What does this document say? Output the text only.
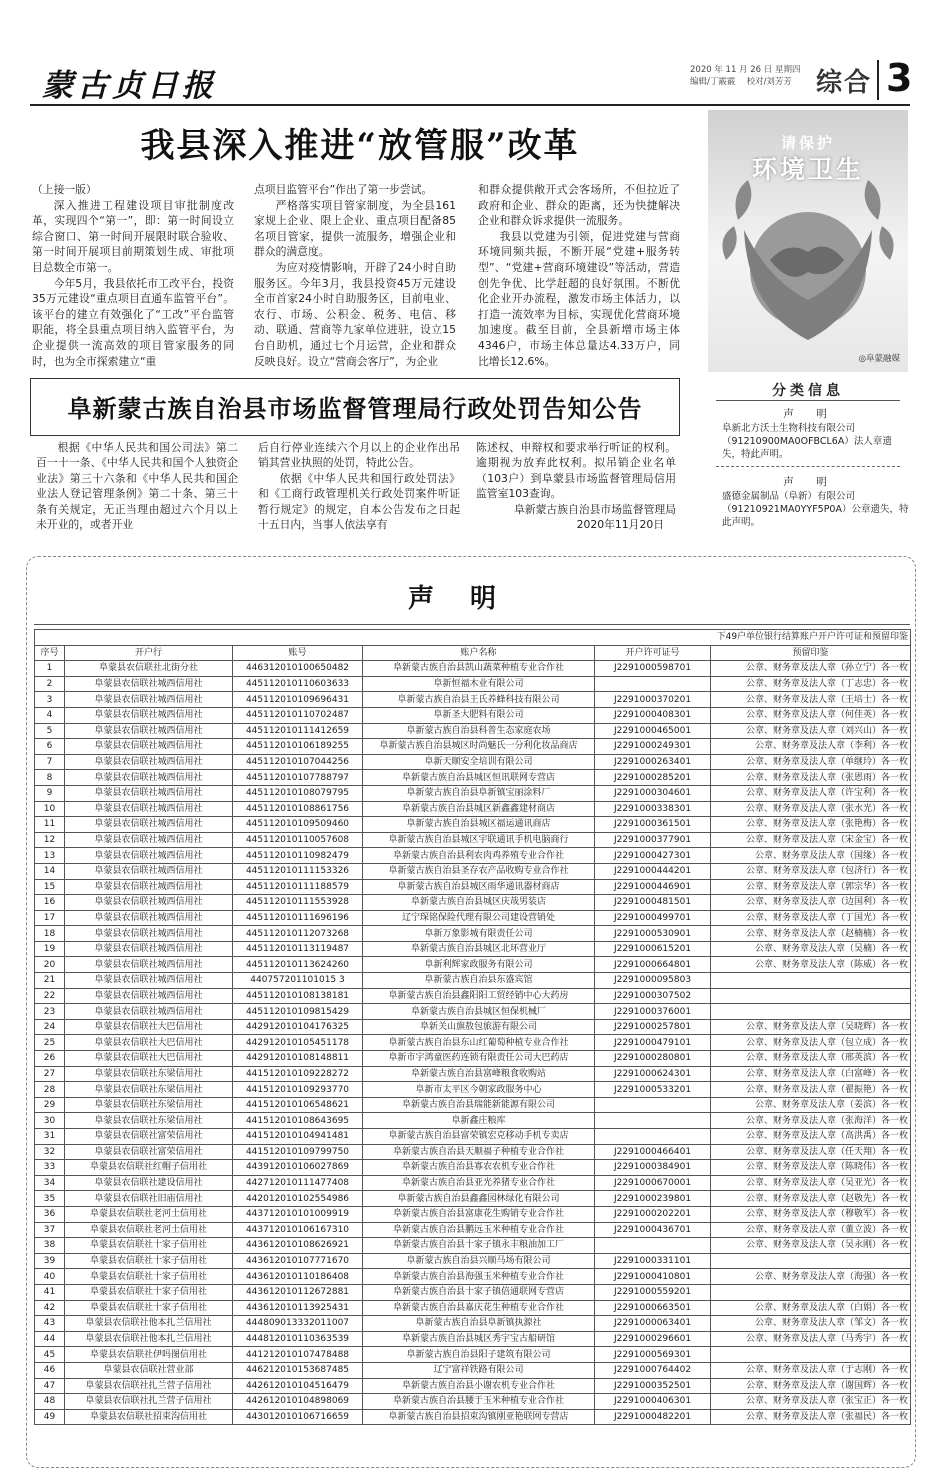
蒙古贞日报	2020 年 11 月 26 日 星期四
编辑/丁霰霰　 校对/刘芳芳 综合 3
我县深入推进“放管服”改革

（上接一版）

深入推进工程建设项目审批制度改革，实现四个“第一”，即：第一时间设立综合窗口、第一时间开展限时联合验收、第一时间开展项目前期策划生成、审批项目总数全市第一。

今年5月，我县依托市工改平台，投资35万元建设“重点项目直通车监管平台”。该平台的建立有效强化了“工改”平台监管职能，将全县重点项目纳入监管平台，为企业提供一流高效的项目管家服务的同时，也为全市探索建立“重

点项目监管平台”作出了第一步尝试。

严格落实项目管家制度，为全县161家规上企业、限上企业、重点项目配备85名项目管家，提供一流服务，增强企业和群众的满意度。

为应对疫情影响，开辟了24小时自助服务区。今年3月，我县投资45万元建设全市首家24小时自助服务区，目前电业、农行、市场、公积金、税务、电信、移动、联通、营商等九家单位进驻，设立15台自助机，通过七个月运营，企业和群众反映良好。设立“营商会客厅”，为企业

和群众提供敞开式会客场所，不但拉近了政府和企业、群众的距离，还为快捷解决企业和群众诉求提供一流服务。

我县以党建为引领，促进党建与营商环境同频共振，不断开展“党建+服务转型”、“党建+营商环境建设”等活动，营造创先争优、比学赶超的良好氛围。不断优化企业开办流程，激发市场主体活力，以打造一流效率为目标，实现优化营商环境加速度。截至目前，全县新增市场主体4346户，市场主体总量达4.33万户，同比增长12.6%。

请保护
环境卫生
◎阜蒙融媒
阜新蒙古族自治县市场监督管理局行政处罚告知公告

根据《中华人民共和国公司法》第二百一十一条、《中华人民共和国个人独资企业法》第三十六条和《中华人民共和国企业法人登记管理条例》第二十条、第三十条有关规定，无正当理由超过六个月以上未开业的，或者开业

后自行停业连续六个月以上的企业作出吊销其营业执照的处罚，特此公告。

依据《中华人民共和国行政处罚法》和《工商行政管理机关行政处罚案件听证暂行规定》的规定，自本公告发布之日起十五日内，当事人依法享有

陈述权、申辩权和要求举行听证的权利。逾期视为放弃此权利。拟吊销企业名单（103户）到阜蒙县市场监督管理局信用监管室103查询。

阜新蒙古族自治县市场监督管理局
2020年11月20日
分类信息
声　明
阜新北方沃土生物科技有限公司（91210900MA0OFBCL6A）法人章遗失，特此声明。
声　明
盛德金属制品（阜新）有限公司（91210921MA0YYF5P0A）公章遗失，特此声明。
声明
下49户单位银行结算账户开户许可证和预留印鉴					
序号	开户行	账号	账户名称	开户许可证号	预留印鉴
1	阜蒙县农信联社北街分社	446312010100650482	阜新蒙古族自治县凯山蔬菜种植专业合作社	J2291000598701	公章、财务章及法人章（孙立宁）各一枚
2	阜蒙县农信联社城西信用社	445112010110603633	阜新恒福木业有限公司		公章、财务章及法人章（丁志忠）各一枚
3	阜蒙县农信联社城西信用社	445112010109696431	阜新蒙古族自治县王氏养蜂科技有限公司	J2291000370201	公章、财务章及法人章（王培士）各一枚
4	阜蒙县农信联社城西信用社	445112010110702487	阜新圣大肥料有限公司	J2291000408301	公章、财务章及法人章（何佳英）各一枚
5	阜蒙县农信联社城西信用社	445112010111412659	阜新蒙古族自治县科普生态家庭农场	J2291000465001	公章、财务章及法人章（刘兴山）各一枚
6	阜蒙县农信联社城西信用社	445112010106189255	阜新蒙古族自治县城区时尚魅氏一分利化妆品商店	J2291000249301	公章、财务章及法人章（李利）各一枚
7	阜蒙县农信联社城西信用社	445112010107044256	阜新天顺安全培训有限公司	J2291000263401	公章、财务章及法人章（单继玲）各一枚
8	阜蒙县农信联社城西信用社	445112010107788797	阜新蒙古族自治县城区恒讯联网专营店	J2291000285201	公章、财务章及法人章（张恩雨）各一枚
9	阜蒙县农信联社城西信用社	445112010108079795	阜新蒙古族自治县阜新镇宝丽涂料厂	J2291000304601	公章、财务章及法人章（许宝利）各一枚
10	阜蒙县农信联社城西信用社	445112010108861756	阜新蒙古族自治县城区新鑫鑫建材商店	J2291000338301	公章、财务章及法人章（张水光）各一枚
11	阜蒙县农信联社城西信用社	445112010109509460	阜新蒙古族自治县城区福运通讯商店	J2291000361501	公章、财务章及法人章（张艳梅）各一枚
12	阜蒙县农信联社城西信用社	445112010110057608	阜新蒙古族自治县城区宇联通讯手机电脑商行	J2291000377901	公章、财务章及法人章（宋金宝）各一枚
13	阜蒙县农信联社城西信用社	445112010110982479	阜新蒙古族自治县利农肉鸡养殖专业合作社	J2291000427301	公章、财务章及法人章（国缘）各一枚
14	阜蒙县农信联社城西信用社	445112010111153326	阜新蒙古族自治县圣存农产品收购专业合作社	J2291000444201	公章、财务章及法人章（包济行）各一枚
15	阜蒙县农信联社城西信用社	445112010111188579	阜新蒙古族自治县城区雨华通讯器材商店	J2291000446901	公章、财务章及法人章（郭宗华）各一枚
16	阜蒙县农信联社城西信用社	445112010111553928	阜新蒙古族自治县城区庆哉男装店	J2291000481501	公章、财务章及法人章（边国利）各一枚
17	阜蒙县农信联社城西信用社	445112010111696196	辽宁琛铭保险代理有限公司建设营销处	J2291000499701	公章、财务章及法人章（丁国光）各一枚
18	阜蒙县农信联社城西信用社	445112010112073268	阜新万象影城有限责任公司	J2291000530901	公章、财务章及法人章（赵楠楠）各一枚
19	阜蒙县农信联社城西信用社	445112010113119487	阜新蒙古族自治县城区北环营业厅	J2291000615201	公章、财务章及法人章（吴楠）各一枚
20	阜蒙县农信联社城西信用社	445112010113624260	阜新利辉家政服务有限公司	J2291000664801	公章、财务章及法人章（陈威）各一枚
21	阜蒙县农信联社城西信用社	440757201101015 3	阜新蒙古族自治县东盛宾馆	J2291000095803	
22	阜蒙县农信联社城西信用社	445112010108138181	阜新蒙古族自治县鑫阳阳工贸经销中心大药房	J2291000307502	
23	阜蒙县农信联社城西信用社	445112010109815429	阜新蒙古族自治县城区恒保机械厂	J2291000376001	
24	阜蒙县农信联社大巴信用社	442912010104176325	阜新关山旗敖包旅游有限公司	J2291000257801	公章、财务章及法人章（吴晓辉）各一枚
25	阜蒙县农信联社大巴信用社	442912010105451178	阜新蒙古族自治县东山红葡萄种植专业合作社	J2291000479101	公章、财务章及法人章（包立成）各一枚
26	阜蒙县农信联社大巴信用社	442912010108148811	阜新市宇鸿童医药连锁有限责任公司大巴药店	J2291000280801	公章、财务章及法人章（邢英滨）各一枚
27	阜蒙县农信联社东梁信用社	441512010109228272	阜新蒙古族自治县富峰粮食收购站	J2291000624301	公章、财务章及法人章（白富峰）各一枚
28	阜蒙县农信联社东梁信用社	441512010109293770	阜新市太平区今朝家政服务中心	J2291000533201	公章、财务章及法人章（翟振艳）各一枚
29	阜蒙县农信联社东梁信用社	441512010106548621	阜新蒙古族自治县瑞能新能源有限公司		公章、财务章及法人章（姜滨）各一枚
30	阜蒙县农信联社东梁信用社	441512010108643695	阜新鑫庄粮库		公章、财务章及法人章（张海洋）各一枚
31	阜蒙县农信联社富荣信用社	441512010104941481	阜新蒙古族自治县富荣镇宏克移动手机专卖店		公章、财务章及法人章（高洪禹）各一枚
32	阜蒙县农信联社富荣信用社	441512010109799750	阜新蒙古族自治县天顺福子种植专业合作社	J2291000466401	公章、财务章及法人章（任天翔）各一枚
33	阜蒙县农信联社红帽子信用社	443912010106027869	阜新蒙古族自治县寡农农机专业合作社	J2291000384901	公章、财务章及法人章（陈晓伟）各一枚
34	阜蒙县农信联社建设信用社	442712010111477408	阜新蒙古族自治县亚光养猪专业合作社	J2291000670001	公章、财务章及法人章（吴亚光）各一枚
35	阜蒙县农信联社旧庙信用社	442012010102554986	阜新蒙古族自治县鑫鑫园林绿化有限公司	J2291000239801	公章、财务章及法人章（赵敬先）各一枚
36	阜蒙县农信联社老河土信用社	443712010101009919	阜新蒙古族自治县富康花生购销专业合作社	J2291000202201	公章、财务章及法人章（穆敬军）各一枚
37	阜蒙县农信联社老河土信用社	443712010106167310	阜新蒙古族自治县鹏远玉米种植专业合作社	J2291000436701	公章、财务章及法人章（董立波）各一枚
38	阜蒙县农信联社十家子信用社	443612010108626921	阜新蒙古族自治县十家子镇永丰粮油加工厂		公章、财务章及法人章（吴永刚）各一枚
39	阜蒙县农信联社十家子信用社	443612010107771670	阜新蒙古族自治县兴顺马场有限公司	J2291000331101	
40	阜蒙县农信联社十家子信用社	443612010110186408	阜新蒙古族自治县海强玉米种植专业合作社	J2291000410801	公章、财务章及法人章（海强）各一枚
41	阜蒙县农信联社十家子信用社	443612010112672881	阜新蒙古族自治县十家子镇倍通联网专营店	J2291000559201	
42	阜蒙县农信联社十家子信用社	443612010113925431	阜新蒙古族自治县嘉庆花生种植专业合作社	J2291000663501	公章、财务章及法人章（白娟）各一枚
43	阜蒙县农信联社他本扎兰信用社	444809013332011007	阜新蒙古族自治县阜新镇执源社	J2291000063401	公章、财务章及法人章（邹文）各一枚
44	阜蒙县农信联社他本扎兰信用社	444812010110363539	阜新蒙古族自治县城区秀宇宝古船研馆	J2291000296601	公章、财务章及法人章（马秀宇）各一枚
45	阜蒙县农信联社伊吗图信用社	441212010107478488	阜新蒙古族自治县阳子建筑有限公司	J2291000569301	
46	阜蒙县农信联社营业部	446212010153687485	辽宁富祥铁路有限公司	J2291000764402	公章、财务章及法人章（于志刚）各一枚
47	阜蒙县农信联社扎兰营子信用社	442612010104516479	阜新蒙古族自治县小谢农机专业合作社	J2291000352501	公章、财务章及法人章（谢国辉）各一枚
48	阜蒙县农信联社扎兰营子信用社	442612010104898069	阜新蒙古族自治县腰于玉米种植专业合作社	J2291000406301	公章、财务章及法人章（张宝正）各一枚
49	阜蒙县农信联社招束沟信用社	443012010106716659	阜新蒙古族自治县招束沟镇刚亚艳联网专营店	J2291000482201	公章、财务章及法人章（张福民）各一枚
